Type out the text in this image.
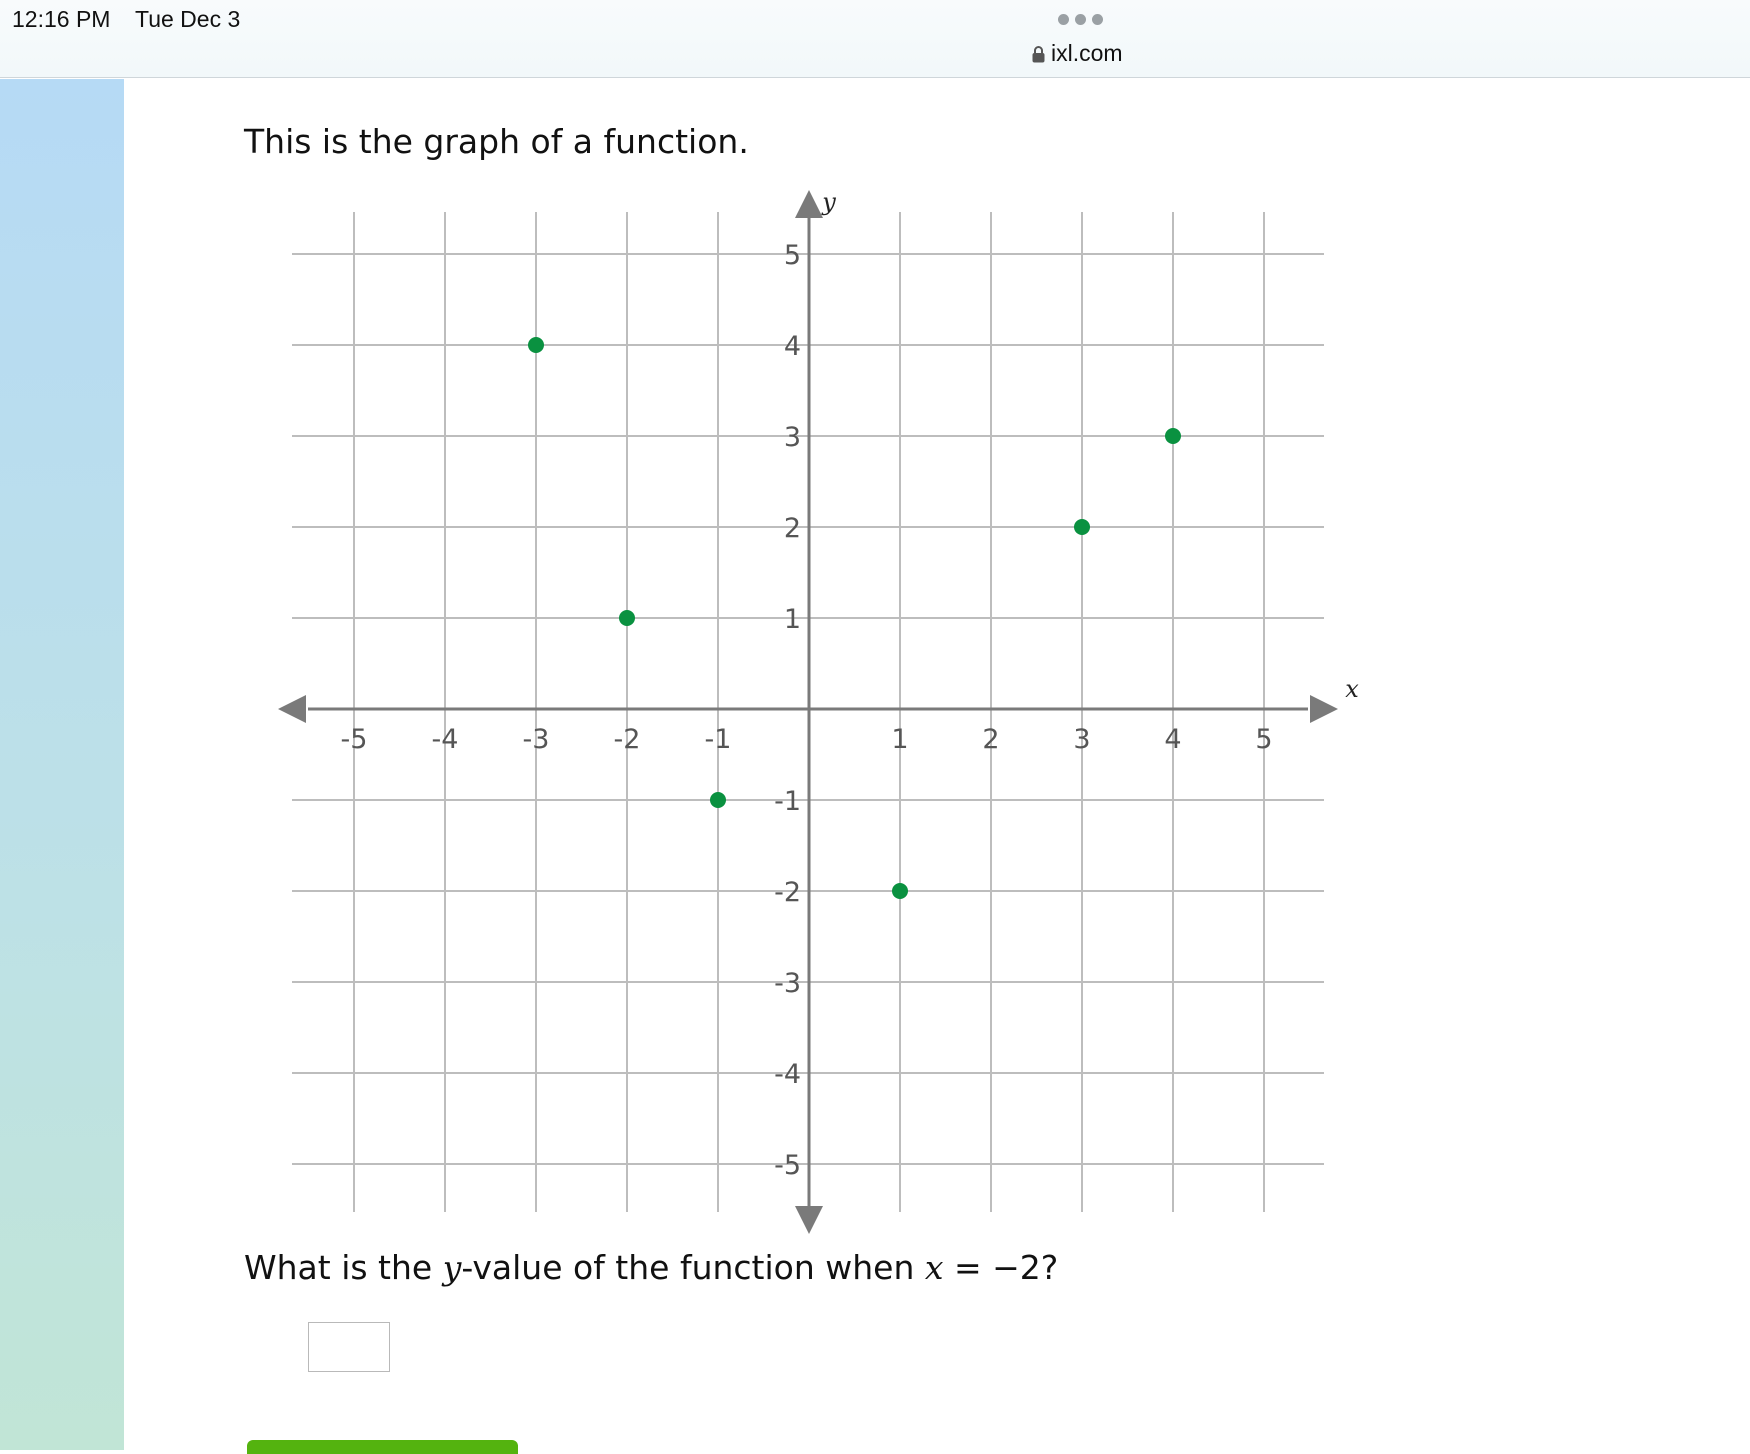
12:16 PM Tue Dec 3
ixl.com
This is the graph of a function.
x
y
-5 -4 -3 -2 -1	1	2	3	4	5
5
4
3
2
1
-1
-2
-3
-4
-5
What is the y-value of the function when x = −2?
